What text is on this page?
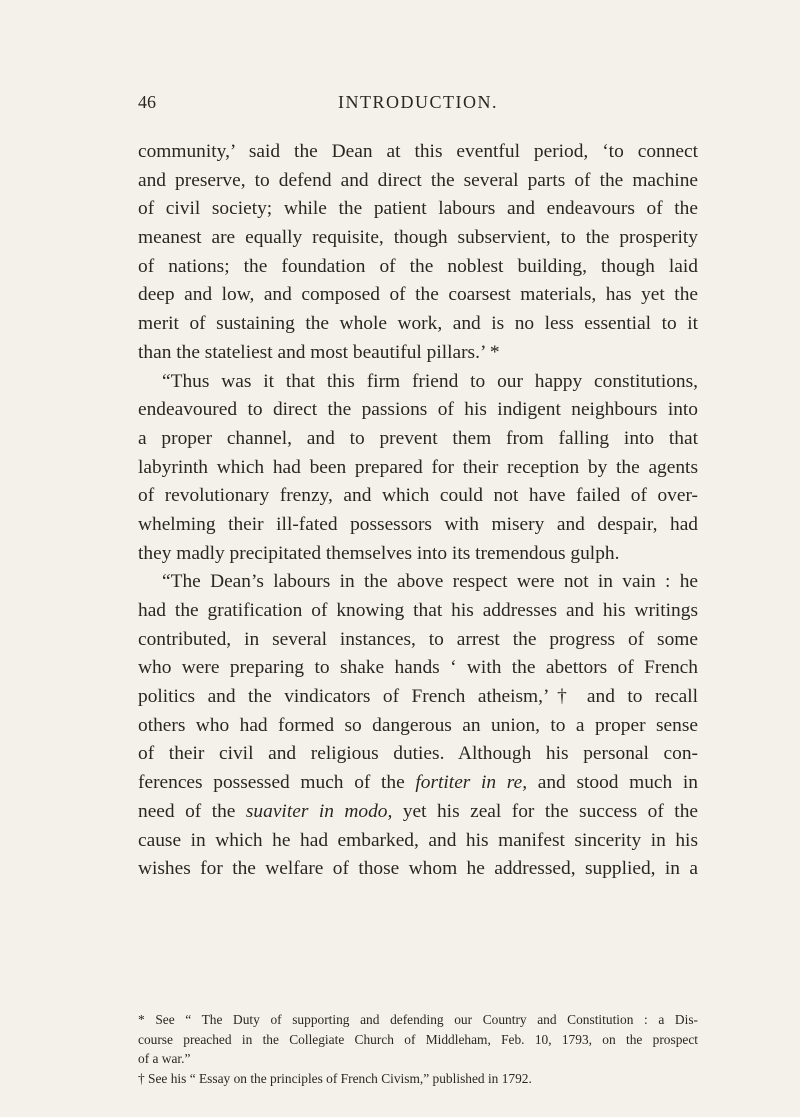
46	INTRODUCTION.
community,’ said the Dean at this eventful period, ‘to connect
and preserve, to defend and direct the several parts of the machine
of civil society; while the patient labours and endeavours of the
meanest are equally requisite, though subservient, to the prosperity
of nations; the foundation of the noblest building, though laid
deep and low, and composed of the coarsest materials, has yet the
merit of sustaining the whole work, and is no less essential to it
than the stateliest and most beautiful pillars.’ *
“Thus was it that this firm friend to our happy constitutions,
endeavoured to direct the passions of his indigent neighbours into
a proper channel, and to prevent them from falling into that
labyrinth which had been prepared for their reception by the agents
of revolutionary frenzy, and which could not have failed of over-
whelming their ill-fated possessors with misery and despair, had
they madly precipitated themselves into its tremendous gulph.
“The Dean’s labours in the above respect were not in vain : he
had the gratification of knowing that his addresses and his writings
contributed, in several instances, to arrest the progress of some
who were preparing to shake hands ‘ with the abettors of French
politics and the vindicators of French atheism,’† and to recall
others who had formed so dangerous an union, to a proper sense
of their civil and religious duties. Although his personal con-
ferences possessed much of the fortiter in re, and stood much in
need of the suaviter in modo, yet his zeal for the success of the
cause in which he had embarked, and his manifest sincerity in his
wishes for the welfare of those whom he addressed, supplied, in a
* See “ The Duty of supporting and defending our Country and Constitution : a Dis-
course preached in the Collegiate Church of Middleham, Feb. 10, 1793, on the prospect
of a war.”
† See his “ Essay on the principles of French Civism,” published in 1792.
